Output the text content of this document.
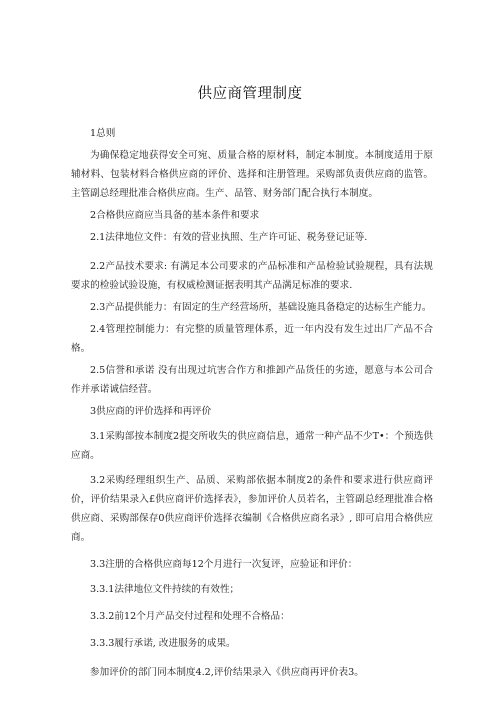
供应商管理制度

1总则

为确保稳定地获得安全可宛、质量合格的原材料，制定本制度。本制度适用于原辅材料、包装材料合格供应商的评价、选择和注册管理。采购部负责供应商的监管。主管副总经理批准合格供应商。生产、品管、财务部门配合执行本制度。

2合格供应商应当具备的基本条件和要求

2.1法律地位文件：有效的营业执照、生产许可证、税务登记证等.

2.2产品技术要求: 有满足本公司要求的产品标准和产品检验试验规程，具有法规要求的检验试验设施，有权威检测证据表明其产品满足标准的要求.

2.3产品提供能力：有固定的生产经营场所，基础设施具备稳定的达标生产能力。

2.4管理控制能力：有完整的质量管理体系，近一年内没有发生过出厂产品不合格。

2.5信誉和承诺 没有出现过坑害合作方和推卸产品货任的劣迹，愿意与本公司合作并承诺诚信经营。

3供应商的评价选择和再评价

3.1采购部按本制度2提交所收失的供应商信息，通常一种产品不少T•：个预选供应商。

3.2采购经理组织生产、品质、采购部依据本制度2的条件和要求进行供应商评价，评价结果录入£供应商评价选择表》，参加评价人员若名，主管副总经理批准合格供应商、采购部保存0供应商评价选择衣编制《合格供应商名录》, 即可启用合格供应商。

3.3注册的合格供应商每12个月进行一次复评，应验证和评价：

3.3.1法律地位文件持续的有效性；

3.3.2前12个月产品交付过程和处理不合格品：

3.3.3履行承诺, 改进服务的成果。

参加评价的部门同本制度4.2,评价结果录入《供应商再评价表3。
